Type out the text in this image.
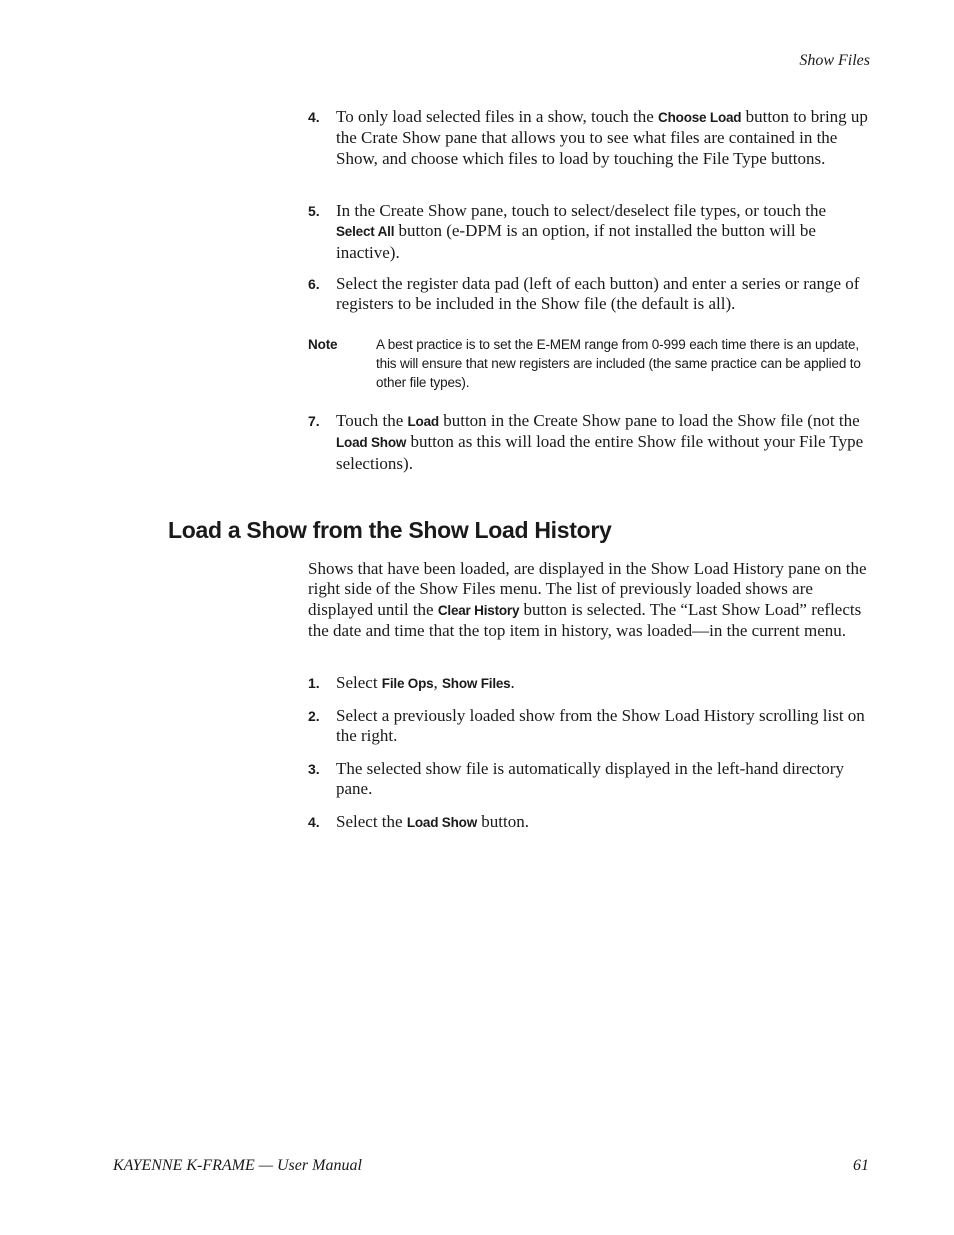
Show Files
4. To only load selected files in a show, touch the Choose Load button to bring up the Crate Show pane that allows you to see what files are contained in the Show, and choose which files to load by touching the File Type buttons.
5. In the Create Show pane, touch to select/deselect file types, or touch the Select All button (e-DPM is an option, if not installed the button will be inactive).
6. Select the register data pad (left of each button) and enter a series or range of registers to be included in the Show file (the default is all).
Note	A best practice is to set the E-MEM range from 0-999 each time there is an update, this will ensure that new registers are included (the same practice can be applied to other file types).
7. Touch the Load button in the Create Show pane to load the Show file (not the Load Show button as this will load the entire Show file without your File Type selections).
Load a Show from the Show Load History

Shows that have been loaded, are displayed in the Show Load History pane on the right side of the Show Files menu. The list of previously loaded shows are displayed until the Clear History button is selected. The “Last Show Load” reflects the date and time that the top item in history, was loaded—in the current menu.

1. Select File Ops, Show Files.
2. Select a previously loaded show from the Show Load History scrolling list on the right.
3. The selected show file is automatically displayed in the left-hand directory pane.
4. Select the Load Show button.
KAYENNE K-FRAME — User Manual	61
